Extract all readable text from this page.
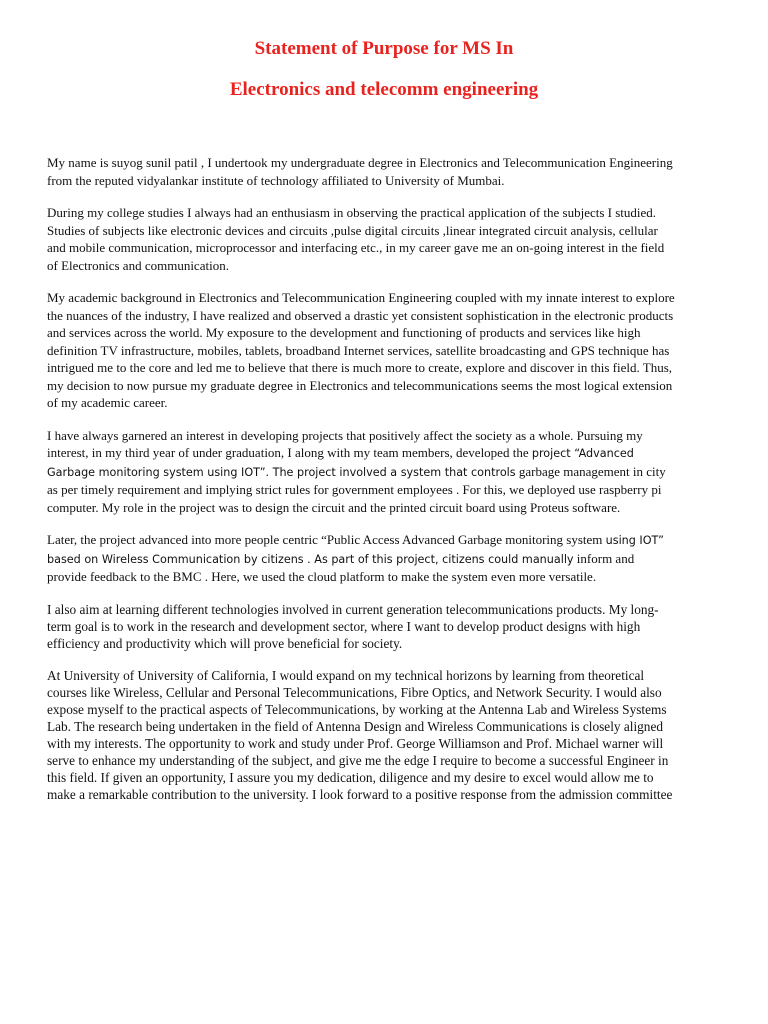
Statement of Purpose for MS In
Electronics and telecomm engineering

My name is suyog sunil patil , I undertook my undergraduate degree in Electronics and Telecommunication Engineering from the reputed vidyalankar institute of technology affiliated to University of Mumbai.

During my college studies I always had an enthusiasm in observing the practical application of the subjects I studied. Studies of subjects like electronic devices and circuits ,pulse digital circuits ,linear integrated circuit analysis, cellular and mobile communication, microprocessor and interfacing etc., in my career gave me an on-going interest in the field of Electronics and communication.

My academic background in Electronics and Telecommunication Engineering coupled with my innate interest to explore the nuances of the industry, I have realized and observed a drastic yet consistent sophistication in the electronic products and services across the world. My exposure to the development and functioning of products and services like high definition TV infrastructure, mobiles, tablets, broadband Internet services, satellite broadcasting and GPS technique has intrigued me to the core and led me to believe that there is much more to create, explore and discover in this field. Thus, my decision to now pursue my graduate degree in Electronics and telecommunications seems the most logical extension of my academic career.

I have always garnered an interest in developing projects that positively affect the society as a whole. Pursuing my interest, in my third year of under graduation, I along with my team members, developed the project “Advanced Garbage monitoring system using IOT”. The project involved a system that controls garbage management in city as per timely requirement and implying strict rules for government employees . For this, we deployed use raspberry pi computer. My role in the project was to design the circuit and the printed circuit board using Proteus software.

Later, the project advanced into more people centric “Public Access Advanced Garbage monitoring system using IOT” based on Wireless Communication by citizens . As part of this project, citizens could manually inform and provide feedback to the BMC . Here, we used the cloud platform to make the system even more versatile.

I also aim at learning different technologies involved in current generation telecommunications products. My long-term goal is to work in the research and development sector, where I want to develop product designs with high efficiency and productivity which will prove beneficial for society.

At University of University of California, I would expand on my technical horizons by learning from theoretical courses like Wireless, Cellular and Personal Telecommunications, Fibre Optics, and Network Security. I would also expose myself to the practical aspects of Telecommunications, by working at the Antenna Lab and Wireless Systems Lab. The research being undertaken in the field of Antenna Design and Wireless Communications is closely aligned with my interests. The opportunity to work and study under Prof. George Williamson and Prof. Michael warner will serve to enhance my understanding of the subject, and give me the edge I require to become a successful Engineer in this field. If given an opportunity, I assure you my dedication, diligence and my desire to excel would allow me to make a remarkable contribution to the university. I look forward to a positive response from the admission committee
